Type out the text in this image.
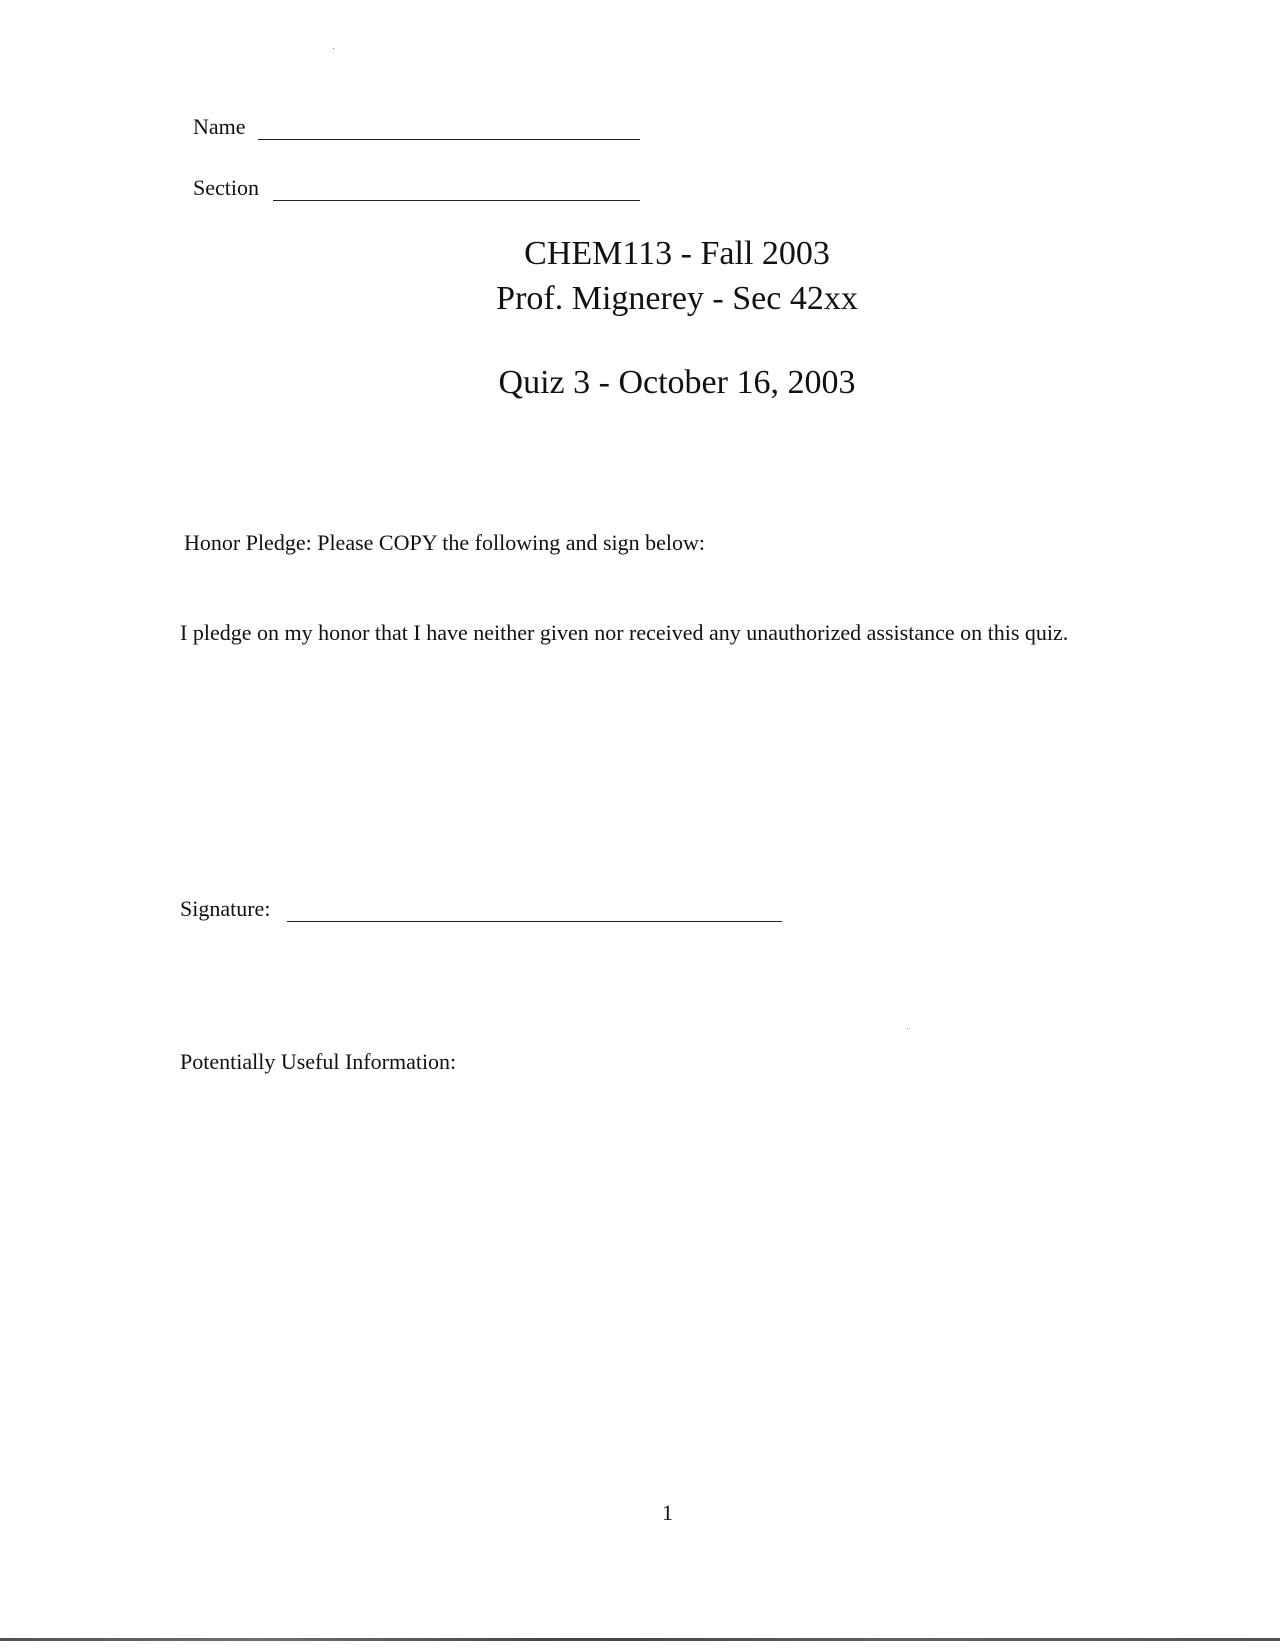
Name
Section
CHEM113 - Fall 2003
Prof. Mignerey - Sec 42xx
Quiz 3 - October 16, 2003
Honor Pledge: Please COPY the following and sign below:
I pledge on my honor that I have neither given nor received any unauthorized assistance on this quiz.
Signature:
Potentially Useful Information:
1
